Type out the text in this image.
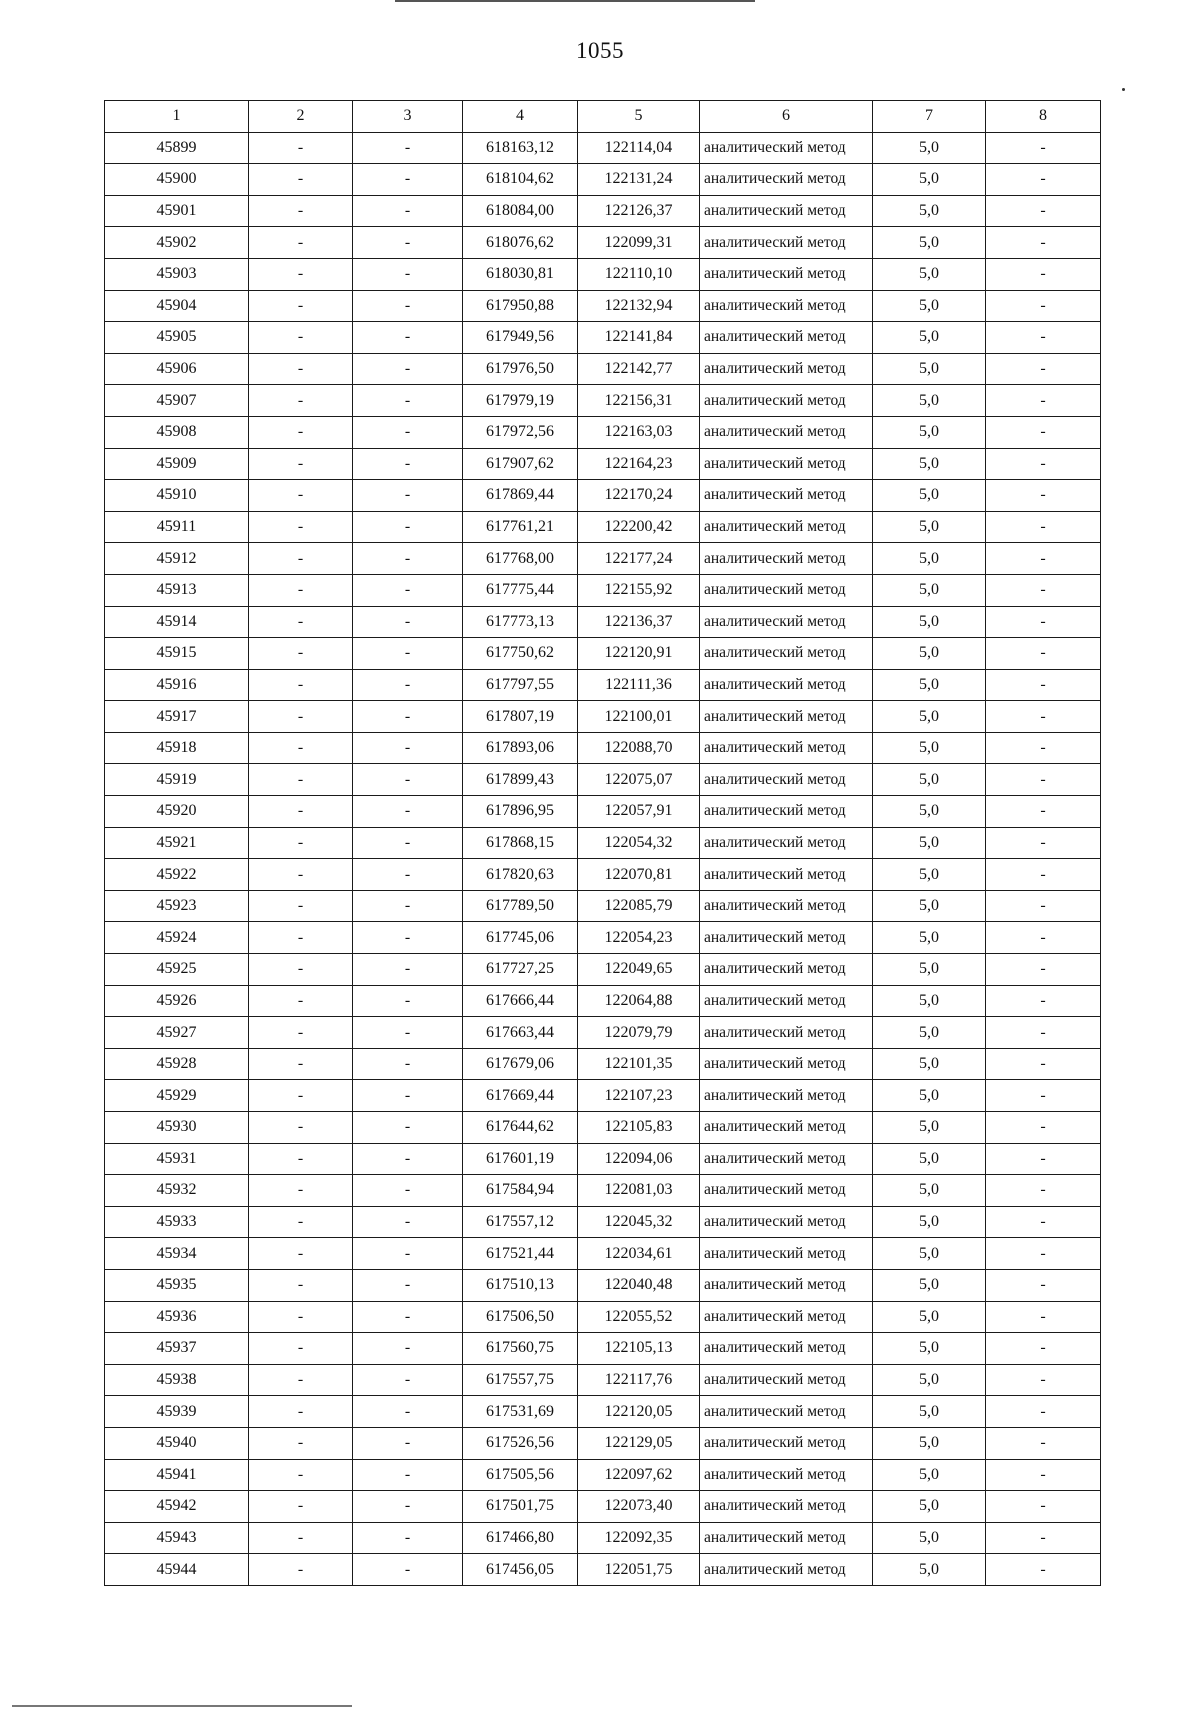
1055
1	2	3	4	5	6	7	8
45899	-	-	618163,12	122114,04	аналитический метод	5,0	-
45900	-	-	618104,62	122131,24	аналитический метод	5,0	-
45901	-	-	618084,00	122126,37	аналитический метод	5,0	-
45902	-	-	618076,62	122099,31	аналитический метод	5,0	-
45903	-	-	618030,81	122110,10	аналитический метод	5,0	-
45904	-	-	617950,88	122132,94	аналитический метод	5,0	-
45905	-	-	617949,56	122141,84	аналитический метод	5,0	-
45906	-	-	617976,50	122142,77	аналитический метод	5,0	-
45907	-	-	617979,19	122156,31	аналитический метод	5,0	-
45908	-	-	617972,56	122163,03	аналитический метод	5,0	-
45909	-	-	617907,62	122164,23	аналитический метод	5,0	-
45910	-	-	617869,44	122170,24	аналитический метод	5,0	-
45911	-	-	617761,21	122200,42	аналитический метод	5,0	-
45912	-	-	617768,00	122177,24	аналитический метод	5,0	-
45913	-	-	617775,44	122155,92	аналитический метод	5,0	-
45914	-	-	617773,13	122136,37	аналитический метод	5,0	-
45915	-	-	617750,62	122120,91	аналитический метод	5,0	-
45916	-	-	617797,55	122111,36	аналитический метод	5,0	-
45917	-	-	617807,19	122100,01	аналитический метод	5,0	-
45918	-	-	617893,06	122088,70	аналитический метод	5,0	-
45919	-	-	617899,43	122075,07	аналитический метод	5,0	-
45920	-	-	617896,95	122057,91	аналитический метод	5,0	-
45921	-	-	617868,15	122054,32	аналитический метод	5,0	-
45922	-	-	617820,63	122070,81	аналитический метод	5,0	-
45923	-	-	617789,50	122085,79	аналитический метод	5,0	-
45924	-	-	617745,06	122054,23	аналитический метод	5,0	-
45925	-	-	617727,25	122049,65	аналитический метод	5,0	-
45926	-	-	617666,44	122064,88	аналитический метод	5,0	-
45927	-	-	617663,44	122079,79	аналитический метод	5,0	-
45928	-	-	617679,06	122101,35	аналитический метод	5,0	-
45929	-	-	617669,44	122107,23	аналитический метод	5,0	-
45930	-	-	617644,62	122105,83	аналитический метод	5,0	-
45931	-	-	617601,19	122094,06	аналитический метод	5,0	-
45932	-	-	617584,94	122081,03	аналитический метод	5,0	-
45933	-	-	617557,12	122045,32	аналитический метод	5,0	-
45934	-	-	617521,44	122034,61	аналитический метод	5,0	-
45935	-	-	617510,13	122040,48	аналитический метод	5,0	-
45936	-	-	617506,50	122055,52	аналитический метод	5,0	-
45937	-	-	617560,75	122105,13	аналитический метод	5,0	-
45938	-	-	617557,75	122117,76	аналитический метод	5,0	-
45939	-	-	617531,69	122120,05	аналитический метод	5,0	-
45940	-	-	617526,56	122129,05	аналитический метод	5,0	-
45941	-	-	617505,56	122097,62	аналитический метод	5,0	-
45942	-	-	617501,75	122073,40	аналитический метод	5,0	-
45943	-	-	617466,80	122092,35	аналитический метод	5,0	-
45944	-	-	617456,05	122051,75	аналитический метод	5,0	-
